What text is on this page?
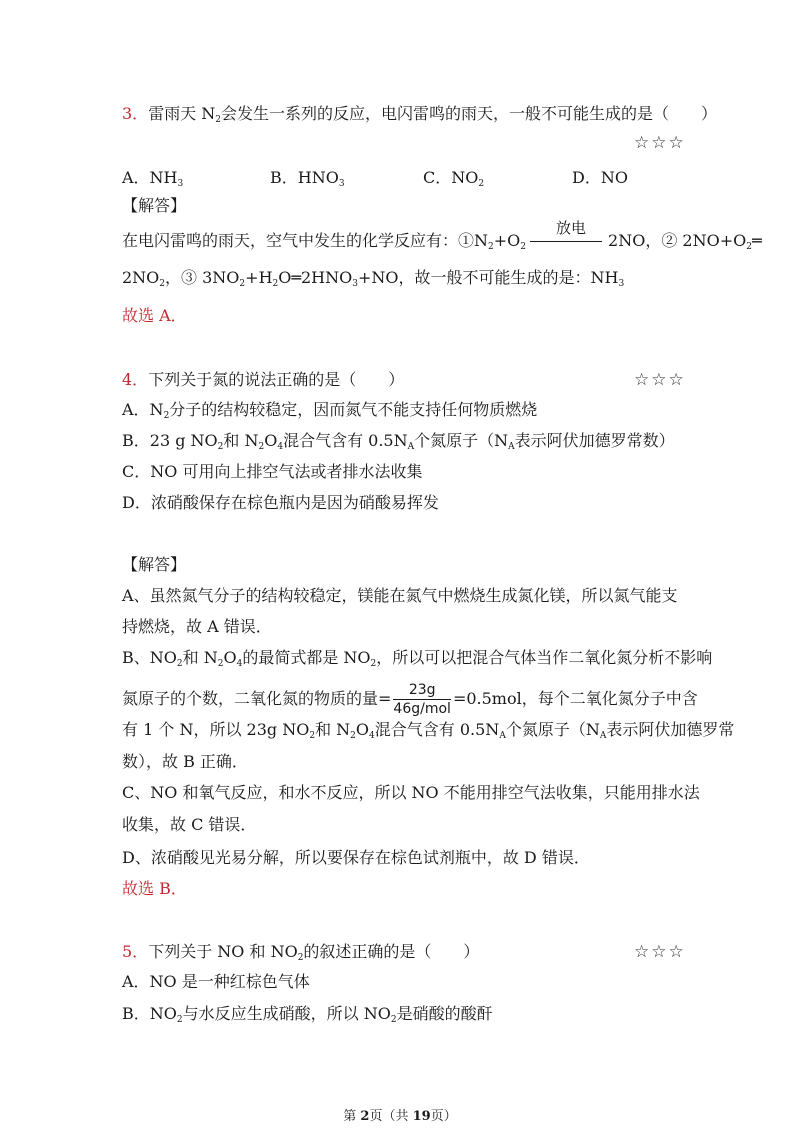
3．雷雨天 $N_2$会发生一系列的反应，电闪雷鸣的雨天，一般不可能生成的是（　　）
☆☆☆
A．$NH_3$	B．$HNO_3$	C．$NO_2$	D．NO
【解答】
在电闪雷鸣的雨天，空气中发生的化学反应有：$①N_2+O_2$
放电
2NO，② $2NO+O_2═$
$2NO_2$，③ $3NO_2+H_2O═2HNO_3+NO$，故一般不可能生成的是：$NH_3$
故选 A．
4．下列关于氮的说法正确的是（　　）	☆☆☆
A．$N_2$分子的结构较稳定，因而氮气不能支持任何物质燃烧
B．23 g $NO_2$和 $N_2O_4$混合气含有 $0.5N_A$个氮原子（$N_A$表示阿伏加德罗常数）
C．NO 可用向上排空气法或者排水法收集
D．浓硝酸保存在棕色瓶内是因为硝酸易挥发
【解答】
A、虽然氮气分子的结构较稳定，镁能在氮气中燃烧生成氮化镁，所以氮气能支
持燃烧，故 A 错误．
B、$NO_2$和 $N_2O_4$的最简式都是 $NO_2$，所以可以把混合气体当作二氧化氮分析不影响
氮原子的个数，二氧化氮的物质的量= $\frac{23g}{\text{46g/mol}} =0.5mol$，每个二氧化氮分子中含
有 1 个 N，所以 23g $NO_2$和 $N_2O_4$混合气含有 $0.5N_A$个氮原子（$N_A$表示阿伏加德罗常
数），故 B 正确．
C、NO 和氧气反应，和水不反应，所以 NO 不能用排空气法收集，只能用排水法
收集，故 C 错误．
D、浓硝酸见光易分解，所以要保存在棕色试剂瓶中，故 D 错误．
故选 B．
5．下列关于 NO 和 $NO_2$的叙述正确的是（　　）	☆☆☆
A．NO 是一种红棕色气体
B．$NO_2$与水反应生成硝酸，所以 $NO_2$是硝酸的酸酐
第 2页（共 19页）
